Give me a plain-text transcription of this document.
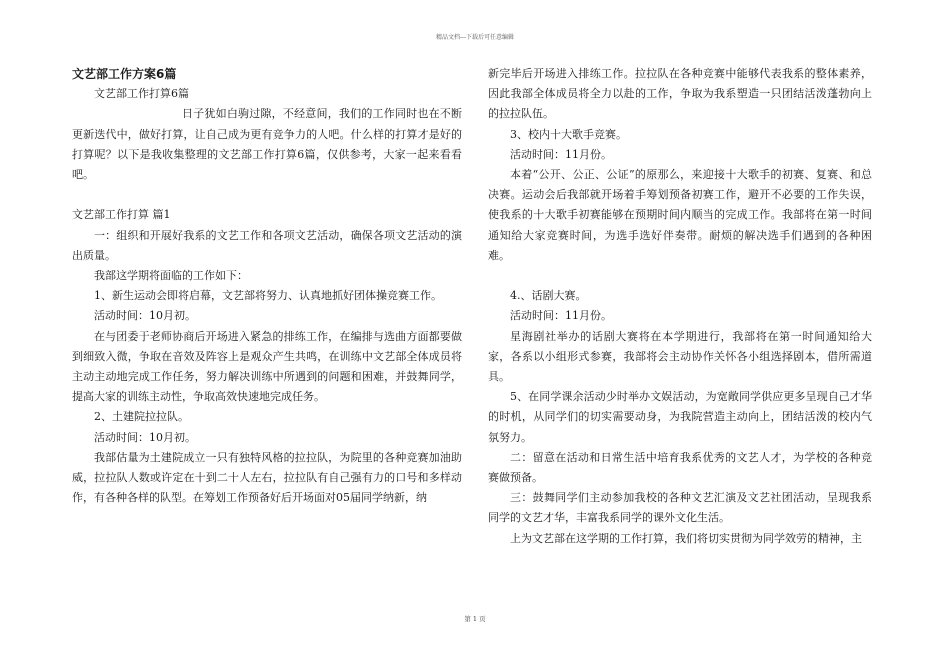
精品文档---下载后可任意编辑

文艺部工作方案6篇

文艺部工作打算6篇

日子犹如白驹过隙，不经意间，我们的工作同时也在不断更新迭代中，做好打算，让自己成为更有竞争力的人吧。什么样的打算才是好的打算呢？以下是我收集整理的文艺部工作打算6篇，仅供参考，大家一起来看看吧。

文艺部工作打算 篇1

一：组织和开展好我系的文艺工作和各项文艺活动，确保各项文艺活动的演出质量。

我部这学期将面临的工作如下：

1、新生运动会即将启幕，文艺部将努力、认真地抓好团体操竞赛工作。

活动时间：10月初。

在与团委于老师协商后开场进入紧急的排练工作，在编排与选曲方面都要做到细致入微，争取在音效及阵容上是观众产生共鸣，在训练中文艺部全体成员将主动主动地完成工作任务，努力解决训练中所遇到的问题和困难，并鼓舞同学，提高大家的训练主动性，争取高效快速地完成任务。

2、土建院拉拉队。

活动时间：10月初。

我部估量为土建院成立一只有独特风格的拉拉队，为院里的各种竞赛加油助威，拉拉队人数或许定在十到二十人左右，拉拉队有自己强有力的口号和多样动作，有各种各样的队型。在筹划工作预备好后开场面对05届同学纳新，纳

新完毕后开场进入排练工作。拉拉队在各种竞赛中能够代表我系的整体素养，因此我部全体成员将全力以赴的工作，争取为我系塑造一只团结活泼蓬勃向上的拉拉队伍。

3、校内十大歌手竞赛。

活动时间：11月份。

本着“公开、公正、公证”的原那么，来迎接十大歌手的初赛、复赛、和总决赛。运动会后我部就开场着手筹划预备初赛工作，避开不必要的工作失误，使我系的十大歌手初赛能够在预期时间内顺当的完成工作。我部将在第一时间通知给大家竞赛时间，为选手选好伴奏带。耐烦的解决选手们遇到的各种困难。

4.、话剧大赛。

活动时间：11月份。

星海剧社举办的话剧大赛将在本学期进行，我部将在第一时间通知给大家，各系以小组形式参赛，我部将会主动协作关怀各小组选择剧本，借所需道具。

5、在同学课余活动少时举办文娱活动，为宽敞同学供应更多呈现自己才华的时机，从同学们的切实需要动身，为我院营造主动向上，团结活泼的校内气氛努力。

二：留意在活动和日常生活中培育我系优秀的文艺人才，为学校的各种竞赛做预备。

三：鼓舞同学们主动参加我校的各种文艺汇演及文艺社团活动，呈现我系同学的文艺才华，丰富我系同学的课外文化生活。

上为文艺部在这学期的工作打算，我们将切实贯彻为同学效劳的精神，主

第 1 页
